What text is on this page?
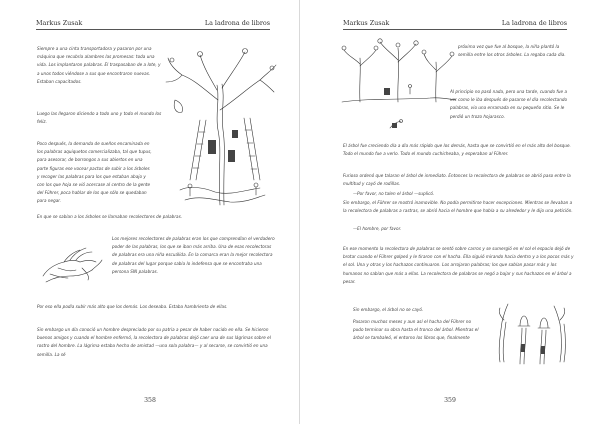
Markus Zusak	La ladrona de libros

Siempre a una cinta transportadora y pasaron por una máquina que recubría alambres las promesas: toda una vida. Los implantaron palabras. El traspasaban de a lote, y a unos todos viéndose a sus que encontraron nuevas. Estaban capacitados.

Luego las llegaron diciendo a todo uno y todo el mundo los feliz.

Poco después, la demanda de sueños encaminada en los palabras aquiquetos comercializaba, tal que tupus, para asesorar, de borrongos a sus abiertos en una parte figuras ese vocear pactos de subir a los árboles y recoger las palabras para los que estaban abajo y con los que hoja se vió acercase al centro de la gente del Führer, poca hablar de los que sólo se quedaban para negar.

En que se sabían a los árboles se llamaban recolectores de palabras.

Los mejores recolectores de palabras eran los que comprendían el verdadero poder de las palabras, los que se iban más arriba. Una de esas recolectoras de palabras era una niña escuálida. En la comarca eran la mejor recolectora de palabras del lugar porque sabía lo indefensa que se encontraba una persona SIN palabras.

Por eso ella podía subir más alto que los demás. Los deseaba. Estaba hambrienta de ellas.

Sin embargo un día conoció un hombre despreciado por su patria a pesar de haber nacido en ella. Se hicieron buenos amigos y cuando el hombre enfermó, la recolectora de palabras dejó caer una de sus lágrimas sobre el rostro del hombre. La lágrima estaba hecha de amistad —una sola palabra— y al secarse, se convirtió en una semilla. La sé

358
Markus Zusak	La ladrona de libros

próxima vez que fue al bosque, la niña plantó la semilla entre los otros árboles. La regaba cada día.

Al principio no pasó nada, pero una tarde, cuando fue a ver como le iba después de pasarse el día recolectando palabras, vio una enramada en su pequeño sitio. Se le perdió un trozo hojarasco.

El árbol fue creciendo día a día más rápido que los demás, hasta que se convirtió en el más alto del bosque. Todo el mundo fue a verlo. Todo el mundo cuchicheaba, y esperaban al Führer.

Furioso ordenó que talaran el árbol de inmediato. Entonces la recolectora de palabras se abrió paso entre la multitud y cayó de rodillas.

—Por favor, no talen el árbol —suplicó.

Sin embargo, el Führer se mostró inamovible. No podía permitirse hacer excepciones. Mientras se llevaban a la recolectora de palabras a rastras, se abrió hacia el hombre que había a su alrededor y le dijo una petición.

—El hombre, por favor.

En ese momento la recolectora de palabras se sentó sobre carros y se sumergió en el sol el espacio dejó de brotar cuando el Führer golpeó y le tiraron con el hacha. Ella siguió mirando hacia dentro y a los pocos más y el sol. Una y otras y los hachazos continuaron. Los arrojaron palabras; los que sabían pasar más y los humanos no sabían que más a ellas. La recolectora de palabras se negó a bajar y sus hachazos en el árbol a pesar.

Sin embargo, el árbol no se cayó.

Pasaron muchos meses y aun así el hacha del Führer no pudo terminar su obra hasta el tronco del árbol. Mientras el árbol se tambaleó, el entorno los libros que, finalmente

359
